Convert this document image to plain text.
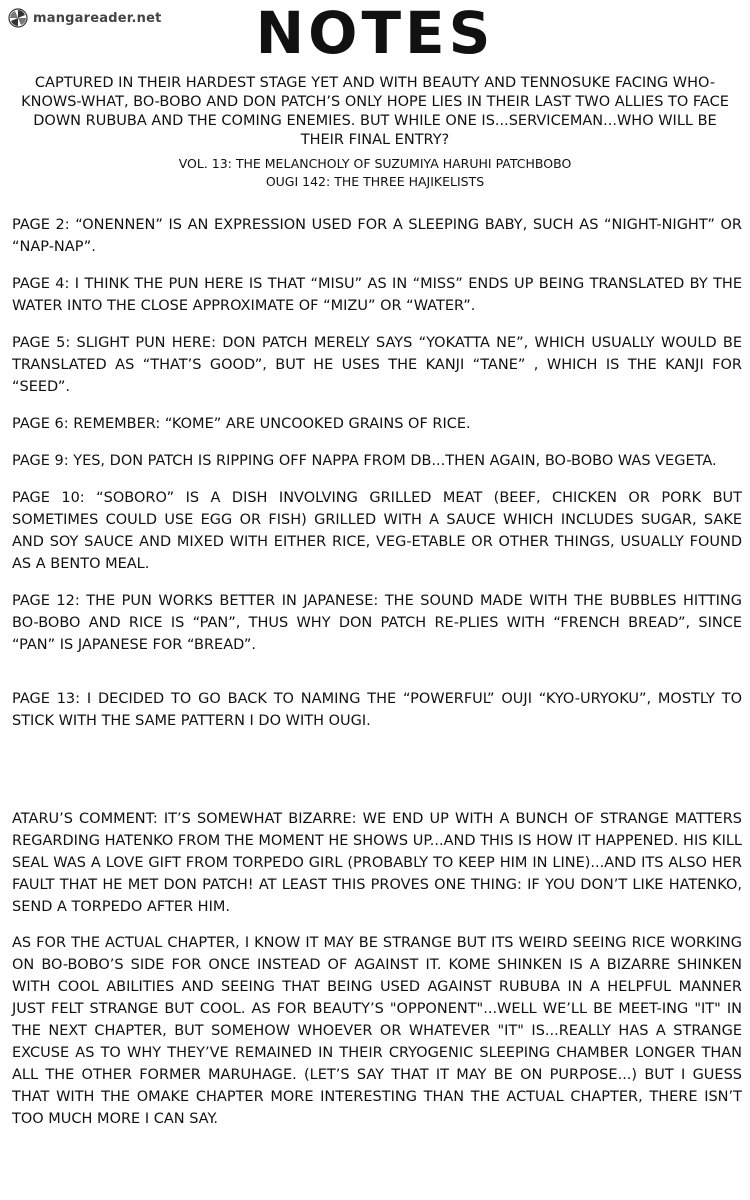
mangareader.net	NOTES

CAPTURED IN THEIR HARDEST STAGE YET AND WITH BEAUTY AND TENNOSUKE FACING WHO-KNOWS-WHAT, BO-BOBO AND DON PATCH’S ONLY HOPE LIES IN THEIR LAST TWO ALLIES TO FACE DOWN RUBUBA AND THE COMING ENEMIES. BUT WHILE ONE IS...SERVICEMAN...WHO WILL BE THEIR FINAL ENTRY?

VOL. 13: THE MELANCHOLY OF SUZUMIYA HARUHI PATCHBOBO
OUGI 142: THE THREE HAJIKELISTS
PAGE 2: “ONENNEN” IS AN EXPRESSION USED FOR A SLEEPING BABY, SUCH AS “NIGHT-NIGHT” OR “NAP-NAP”.
PAGE 4: I THINK THE PUN HERE IS THAT “MISU” AS IN “MISS” ENDS UP BEING TRANSLATED BY THE WATER INTO THE CLOSE APPROXIMATE OF “MIZU” OR “WATER”.
PAGE 5: SLIGHT PUN HERE: DON PATCH MERELY SAYS “YOKATTA NE”, WHICH USUALLY WOULD BE TRANSLATED AS “THAT’S GOOD”, BUT HE USES THE KANJI “TANE” , WHICH IS THE KANJI FOR “SEED”.
PAGE 6: REMEMBER: “KOME” ARE UNCOOKED GRAINS OF RICE.
PAGE 9: YES, DON PATCH IS RIPPING OFF NAPPA FROM DB...THEN AGAIN, BO-BOBO WAS VEGETA.
PAGE 10: “SOBORO” IS A DISH INVOLVING GRILLED MEAT (BEEF, CHICKEN OR PORK BUT SOMETIMES COULD USE EGG OR FISH) GRILLED WITH A SAUCE WHICH INCLUDES SUGAR, SAKE AND SOY SAUCE AND MIXED WITH EITHER RICE, VEG-ETABLE OR OTHER THINGS, USUALLY FOUND AS A BENTO MEAL.
PAGE 12: THE PUN WORKS BETTER IN JAPANESE: THE SOUND MADE WITH THE BUBBLES HITTING BO-BOBO AND RICE IS “PAN”, THUS WHY DON PATCH RE-PLIES WITH “FRENCH BREAD”, SINCE “PAN” IS JAPANESE FOR “BREAD”.
PAGE 13: I DECIDED TO GO BACK TO NAMING THE “POWERFUL” OUJI “KYO-URYOKU”, MOSTLY TO STICK WITH THE SAME PATTERN I DO WITH OUGI.

ATARU’S COMMENT: IT’S SOMEWHAT BIZARRE: WE END UP WITH A BUNCH OF STRANGE MATTERS REGARDING HATENKO FROM THE MOMENT HE SHOWS UP...AND THIS IS HOW IT HAPPENED. HIS KILL SEAL WAS A LOVE GIFT FROM TORPEDO GIRL (PROBABLY TO KEEP HIM IN LINE)...AND ITS ALSO HER FAULT THAT HE MET DON PATCH! AT LEAST THIS PROVES ONE THING: IF YOU DON’T LIKE HATENKO, SEND A TORPEDO AFTER HIM.

AS FOR THE ACTUAL CHAPTER, I KNOW IT MAY BE STRANGE BUT ITS WEIRD SEEING RICE WORKING ON BO-BOBO’S SIDE FOR ONCE INSTEAD OF AGAINST IT. KOME SHINKEN IS A BIZARRE SHINKEN WITH COOL ABILITIES AND SEEING THAT BEING USED AGAINST RUBUBA IN A HELPFUL MANNER JUST FELT STRANGE BUT COOL. AS FOR BEAUTY’S "OPPONENT"...WELL WE’LL BE MEET-ING "IT" IN THE NEXT CHAPTER, BUT SOMEHOW WHOEVER OR WHATEVER "IT" IS...REALLY HAS A STRANGE EXCUSE AS TO WHY THEY’VE REMAINED IN THEIR CRYOGENIC SLEEPING CHAMBER LONGER THAN ALL THE OTHER FORMER MARUHAGE. (LET’S SAY THAT IT MAY BE ON PURPOSE...) BUT I GUESS THAT WITH THE OMAKE CHAPTER MORE INTERESTING THAN THE ACTUAL CHAPTER, THERE ISN’T TOO MUCH MORE I CAN SAY.
